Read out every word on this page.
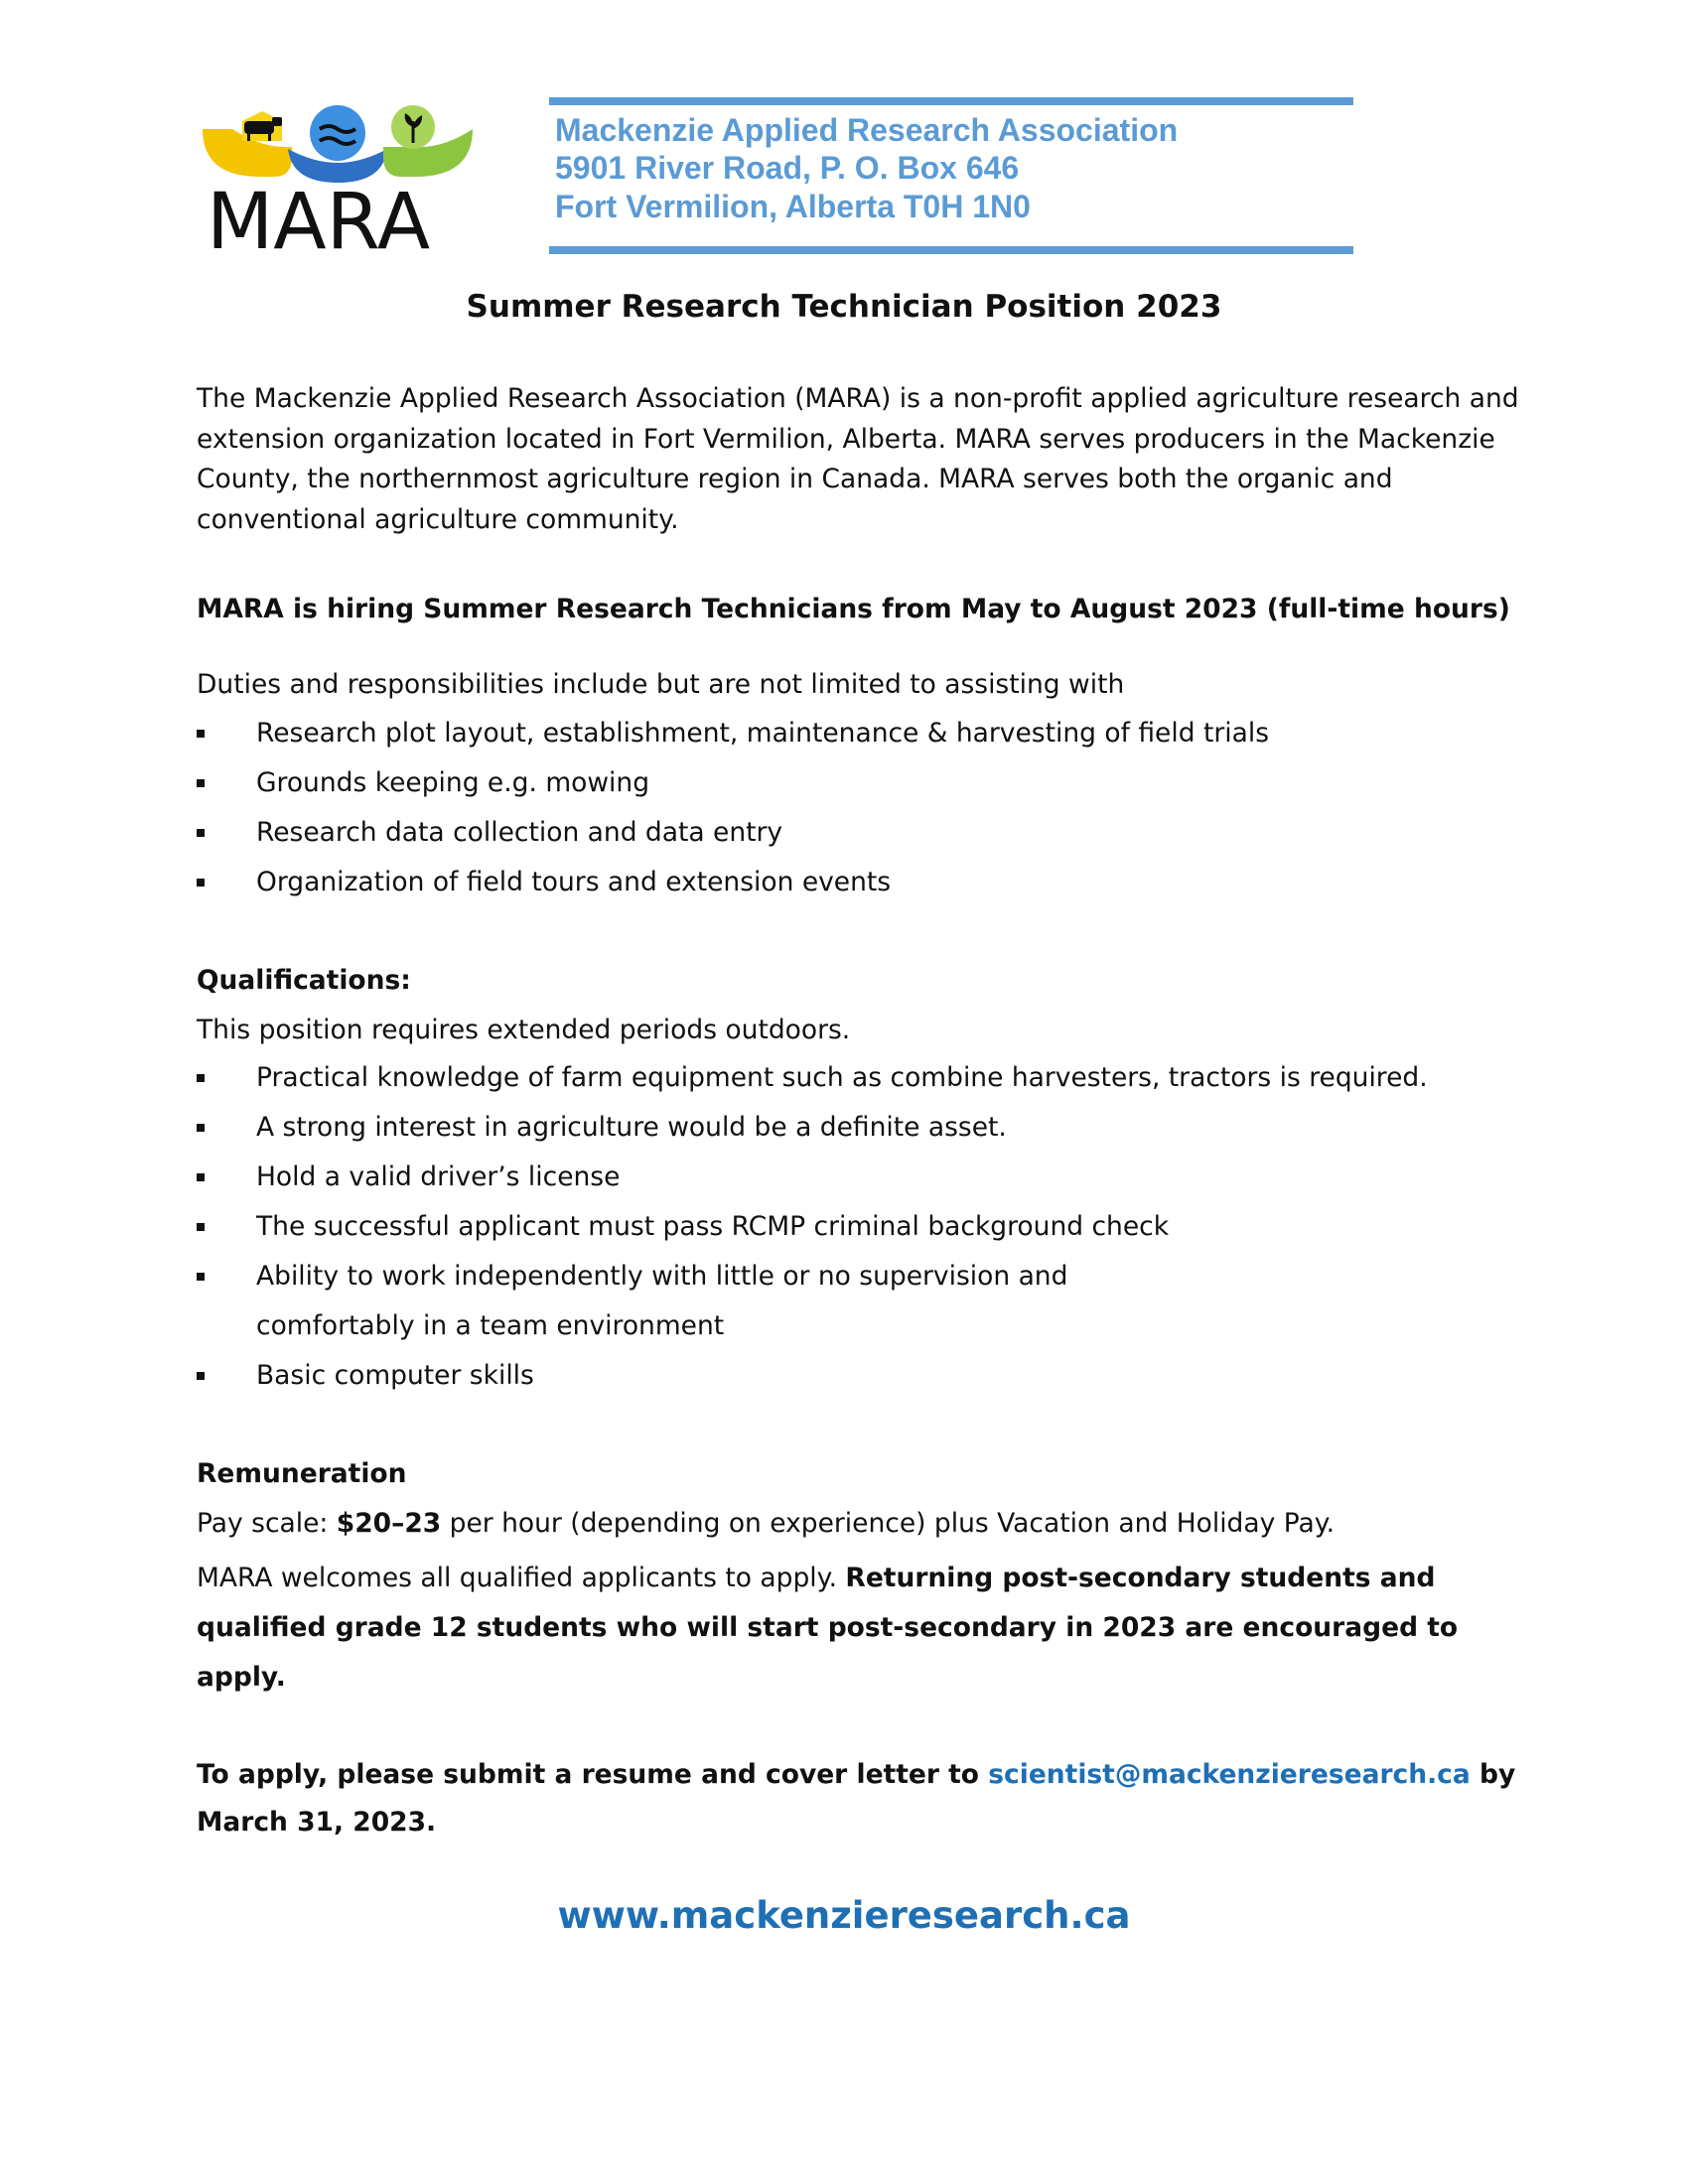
MARA
Mackenzie Applied Research Association
5901 River Road, P. O. Box 646
Fort Vermilion, Alberta T0H 1N0
Summer Research Technician Position 2023
The Mackenzie Applied Research Association (MARA) is a non-profit applied agriculture research and extension organization located in Fort Vermilion, Alberta. MARA serves producers in the Mackenzie County, the northernmost agriculture region in Canada. MARA serves both the organic and conventional agriculture community.
MARA is hiring Summer Research Technicians from May to August 2023 (full-time hours)
Duties and responsibilities include but are not limited to assisting with
Research plot layout, establishment, maintenance & harvesting of field trials
Grounds keeping e.g. mowing
Research data collection and data entry
Organization of field tours and extension events
Qualifications:
This position requires extended periods outdoors.
Practical knowledge of farm equipment such as combine harvesters, tractors is required.
A strong interest in agriculture would be a definite asset.
Hold a valid driver’s license
The successful applicant must pass RCMP criminal background check
Ability to work independently with little or no supervision and comfortably in a team environment
Basic computer skills
Remuneration
Pay scale: $20–23 per hour (depending on experience) plus Vacation and Holiday Pay.
MARA welcomes all qualified applicants to apply. Returning post-secondary students and qualified grade 12 students who will start post-secondary in 2023 are encouraged to apply.
To apply, please submit a resume and cover letter to scientist@mackenzieresearch.ca by March 31, 2023.
www.mackenzieresearch.ca
